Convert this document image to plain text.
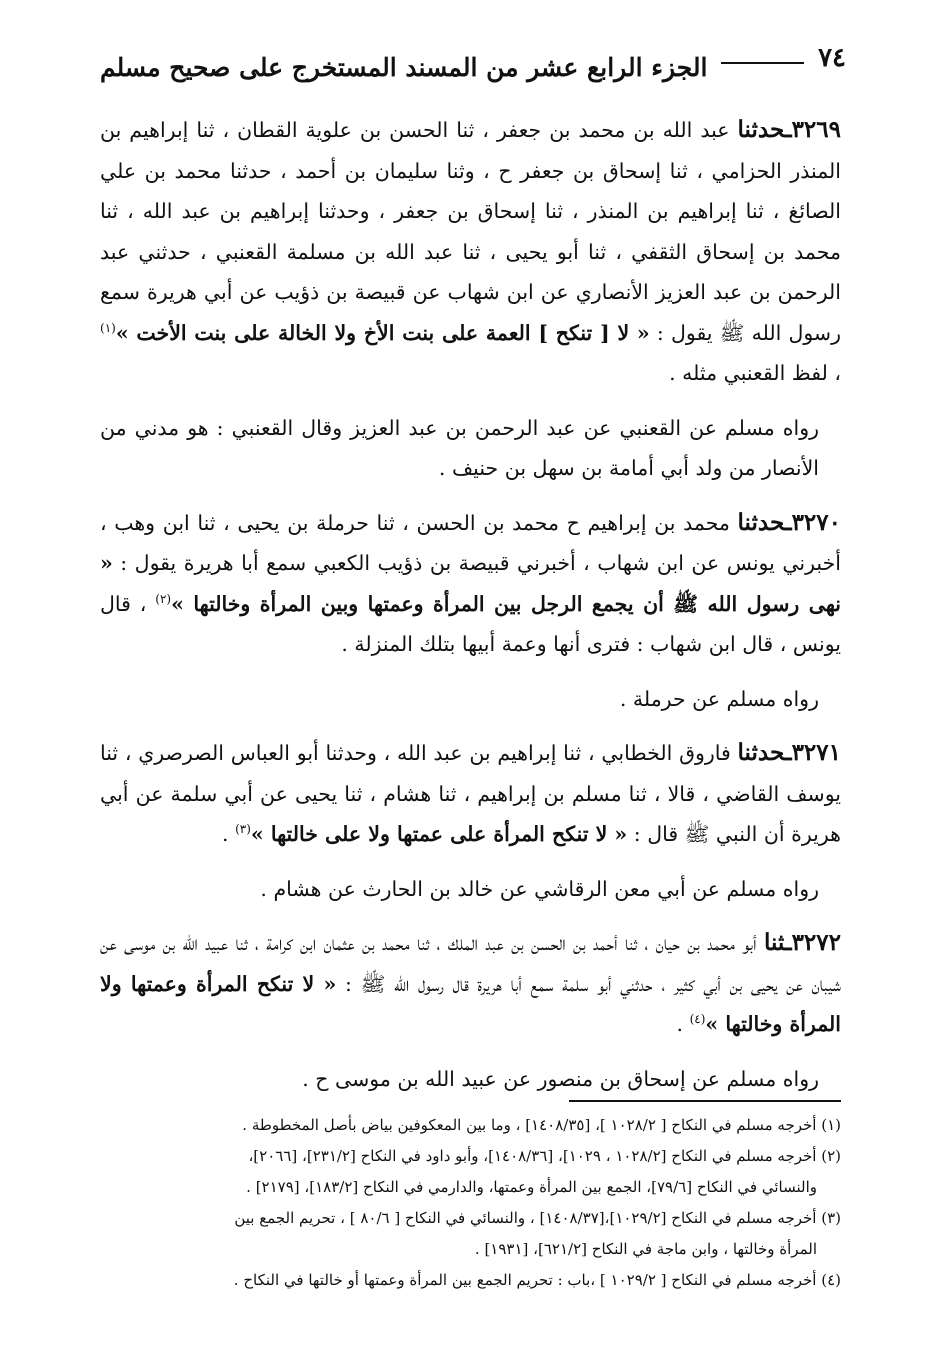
٧٤
الجزء الرابع عشر من المسند المستخرج على صحيح مسلم

٣٢٦٩ـحدثنا عبد الله بن محمد بن جعفر ، ثنا الحسن بن علوية القطان ، ثنا إبراهيم بن المنذر الحزامي ، ثنا إسحاق بن جعفر ح ، وثنا سليمان بن أحمد ، حدثنا محمد بن علي الصائغ ، ثنا إبراهيم بن المنذر ، ثنا إسحاق بن جعفر ، وحدثنا إبراهيم بن عبد الله ، ثنا محمد بن إسحاق الثقفي ، ثنا أبو يحيى ، ثنا عبد الله بن مسلمة القعنبي ، حدثني عبد الرحمن بن عبد العزيز الأنصاري عن ابن شهاب عن قبيصة بن ذؤيب عن أبي هريرة سمع رسول الله ﷺ يقول : « لا [ تنكح ] العمة على بنت الأخ ولا الخالة على بنت الأخت »$^{(١)}$ ، لفظ القعنبي مثله .

رواه مسلم عن القعنبي عن عبد الرحمن بن عبد العزيز وقال القعنبي : هو مدني من الأنصار من ولد أبي أمامة بن سهل بن حنيف .

٣٢٧٠ـحدثنا محمد بن إبراهيم ح محمد بن الحسن ، ثنا حرملة بن يحيى ، ثنا ابن وهب ، أخبرني يونس عن ابن شهاب ، أخبرني قبيصة بن ذؤيب الكعبي سمع أبا هريرة يقول : « نهى رسول الله ﷺ أن يجمع الرجل بين المرأة وعمتها وبين المرأة وخالتها »$^{(٢)}$ ، قال يونس ، قال ابن شهاب : فترى أنها وعمة أبيها بتلك المنزلة .

رواه مسلم عن حرملة .

٣٢٧١ـحدثنا فاروق الخطابي ، ثنا إبراهيم بن عبد الله ، وحدثنا أبو العباس الصرصري ، ثنا يوسف القاضي ، قالا ، ثنا مسلم بن إبراهيم ، ثنا هشام ، ثنا يحيى عن أبي سلمة عن أبي هريرة أن النبي ﷺ قال : « لا تنكح المرأة على عمتها ولا على خالتها »$^{(٣)}$ .

رواه مسلم عن أبي معن الرقاشي عن خالد بن الحارث عن هشام .

٣٢٧٢ـثنا أبو محمد بن حيان ، ثنا أحمد بن الحسن بن عبد الملك ، ثنا محمد بن عثمان ابن كرامة ، ثنا عبيد الله بن موسى عن شيبان عن يحيى بن أبي كثير ، حدثني أبو سلمة سمع أبا هريرة قال رسول الله ﷺ : « لا تنكح المرأة وعمتها ولا المرأة وخالتها »$^{(٤)}$ .

رواه مسلم عن إسحاق بن منصور عن عبيد الله بن موسى ح .

(١) أخرجه مسلم في النكاح [ ١٠٢٨/٢ ]، [١٤٠٨/٣٥] ، وما بين المعكوفين بياض بأصل المخطوطة .

(٢) أخرجه مسلم في النكاح [١٠٢٨/٢ ، ١٠٢٩]، [١٤٠٨/٣٦]، وأبو داود في النكاح [٢٣١/٢]، [٢٠٦٦]،

والنسائي في النكاح [٧٩/٦]، الجمع بين المرأة وعمتها، والدارمي في النكاح [١٨٣/٢]، [٢١٧٩] .

(٣) أخرجه مسلم في النكاح [١٠٢٩/٢]،[١٤٠٨/٣٧] ، والنسائي في النكاح [ ٨٠/٦ ] ، تحريم الجمع بين

المرأة وخالتها ، وابن ماجة في النكاح [٦٢١/٢]، [١٩٣١] .

(٤) أخرجه مسلم في النكاح [ ١٠٢٩/٢ ] ،باب : تحريم الجمع بين المرأة وعمتها أو خالتها في النكاح .
